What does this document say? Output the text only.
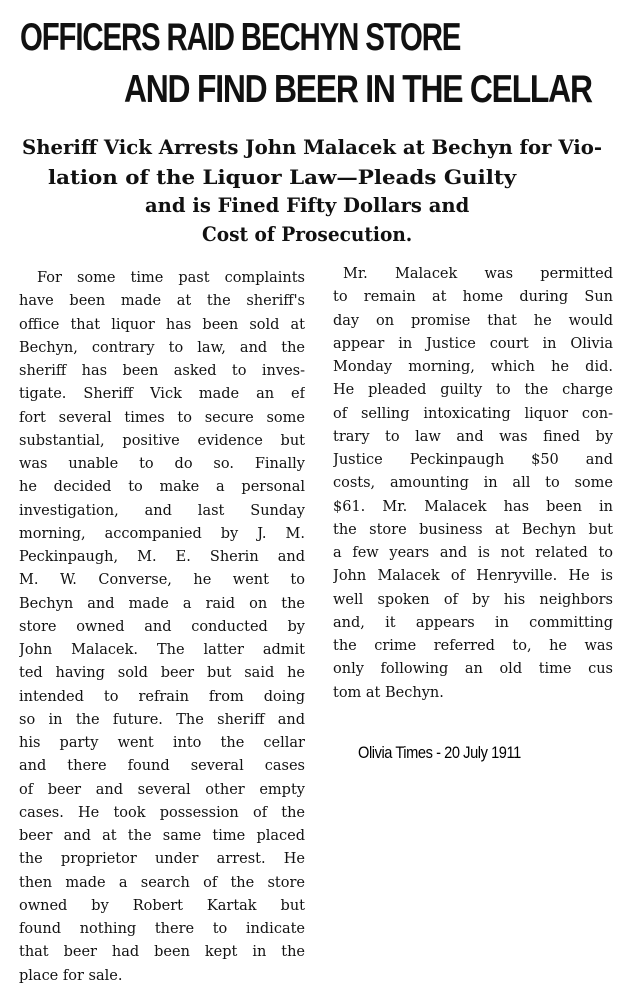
OFFICERS RAID BECHYN STORE
AND FIND BEER IN THE CELLAR
Sheriff Vick Arrests John Malacek at Bechyn for Vio-
lation of the Liquor Law—Pleads Guilty
and is Fined Fifty Dollars and
Cost of Prosecution.
For some time past complaints
have been made at the sheriff's
office that liquor has been sold at
Bechyn, contrary to law, and the
sheriff has been asked to inves-
tigate. Sheriff Vick made an ef
fort several times to secure some
substantial, positive evidence but
was unable to do so. Finally
he decided to make a personal
investigation, and last Sunday
morning, accompanied by J. M.
Peckinpaugh, M. E. Sherin and
M. W. Converse, he went to
Bechyn and made a raid on the
store owned and conducted by
John Malacek. The latter admit
ted having sold beer but said he
intended to refrain from doing
so in the future. The sheriff and
his party went into the cellar
and there found several cases
of beer and several other empty
cases. He took possession of the
beer and at the same time placed
the proprietor under arrest. He
then made a search of the store
owned by Robert Kartak but
found nothing there to indicate
that beer had been kept in the
place for sale.
Mr. Malacek was permitted
to remain at home during Sun
day on promise that he would
appear in Justice court in Olivia
Monday morning, which he did.
He pleaded guilty to the charge
of selling intoxicating liquor con-
trary to law and was fined by
Justice Peckinpaugh $50 and
costs, amounting in all to some
$61. Mr. Malacek has been in
the store business at Bechyn but
a few years and is not related to
John Malacek of Henryville. He is
well spoken of by his neighbors
and, it appears in committing
the crime referred to, he was
only following an old time cus
tom at Bechyn.
Olivia Times - 20 July 1911
